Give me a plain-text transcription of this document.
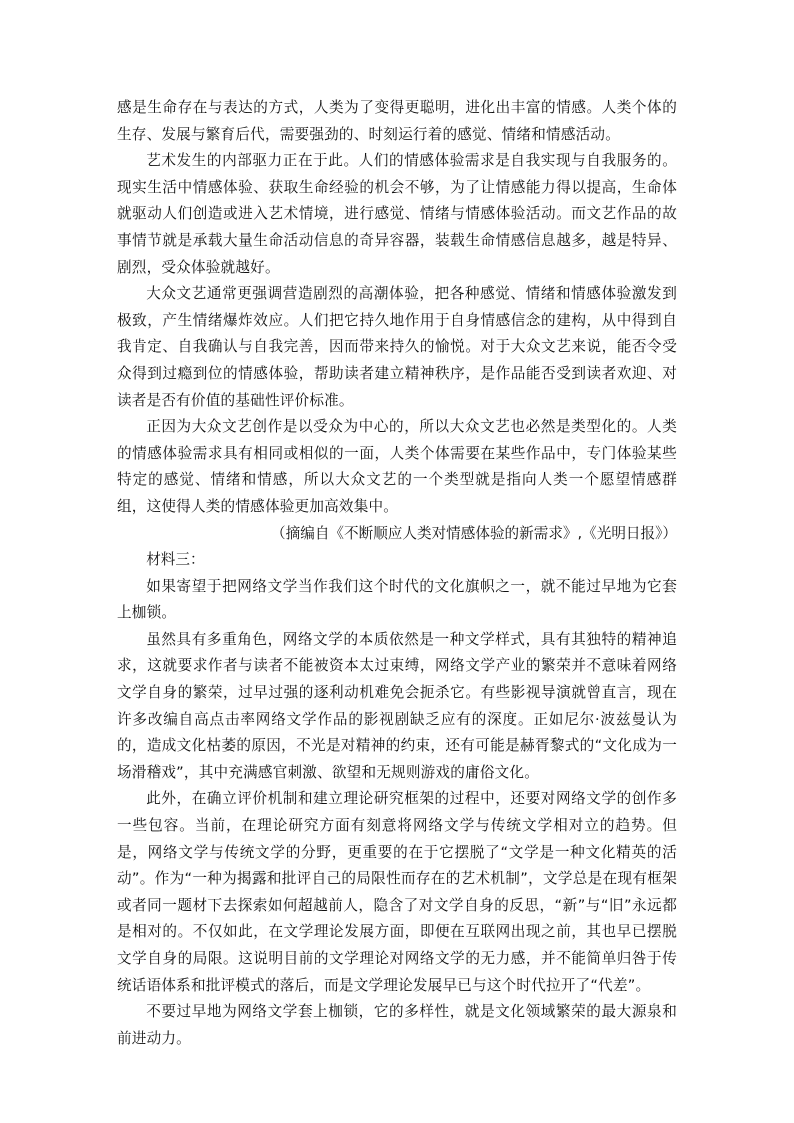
感是生命存在与表达的方式，人类为了变得更聪明，进化出丰富的情感。人类个体的生存、发展与繁育后代，需要强劲的、时刻运行着的感觉、情绪和情感活动。

艺术发生的内部驱力正在于此。人们的情感体验需求是自我实现与自我服务的。现实生活中情感体验、获取生命经验的机会不够，为了让情感能力得以提高，生命体就驱动人们创造或进入艺术情境，进行感觉、情绪与情感体验活动。而文艺作品的故事情节就是承载大量生命活动信息的奇异容器，装载生命情感信息越多，越是特异、剧烈，受众体验就越好。

大众文艺通常更强调营造剧烈的高潮体验，把各种感觉、情绪和情感体验激发到极致，产生情绪爆炸效应。人们把它持久地作用于自身情感信念的建构，从中得到自我肯定、自我确认与自我完善，因而带来持久的愉悦。对于大众文艺来说，能否令受众得到过瘾到位的情感体验，帮助读者建立精神秩序，是作品能否受到读者欢迎、对读者是否有价值的基础性评价标准。

正因为大众文艺创作是以受众为中心的，所以大众文艺也必然是类型化的。人类的情感体验需求具有相同或相似的一面，人类个体需要在某些作品中，专门体验某些特定的感觉、情绪和情感，所以大众文艺的一个类型就是指向人类一个愿望情感群组，这使得人类的情感体验更加高效集中。

（摘编自《不断顺应人类对情感体验的新需求》,《光明日报》）

材料三：

如果寄望于把网络文学当作我们这个时代的文化旗帜之一，就不能过早地为它套上枷锁。

虽然具有多重角色，网络文学的本质依然是一种文学样式，具有其独特的精神追求，这就要求作者与读者不能被资本太过束缚，网络文学产业的繁荣并不意味着网络文学自身的繁荣，过早过强的逐利动机难免会扼杀它。有些影视导演就曾直言，现在许多改编自高点击率网络文学作品的影视剧缺乏应有的深度。正如尼尔·波兹曼认为的，造成文化枯萎的原因，不光是对精神的约束，还有可能是赫胥黎式的“文化成为一场滑稽戏”，其中充满感官刺激、欲望和无规则游戏的庸俗文化。

此外，在确立评价机制和建立理论研究框架的过程中，还要对网络文学的创作多一些包容。当前，在理论研究方面有刻意将网络文学与传统文学相对立的趋势。但是，网络文学与传统文学的分野，更重要的在于它摆脱了“文学是一种文化精英的活动”。作为“一种为揭露和批评自己的局限性而存在的艺术机制”，文学总是在现有框架或者同一题材下去探索如何超越前人，隐含了对文学自身的反思，“新”与“旧”永远都是相对的。不仅如此，在文学理论发展方面，即便在互联网出现之前，其也早已摆脱文学自身的局限。这说明目前的文学理论对网络文学的无力感，并不能简单归咎于传统话语体系和批评模式的落后，而是文学理论发展早已与这个时代拉开了“代差”。

不要过早地为网络文学套上枷锁，它的多样性，就是文化领域繁荣的最大源泉和前进动力。
